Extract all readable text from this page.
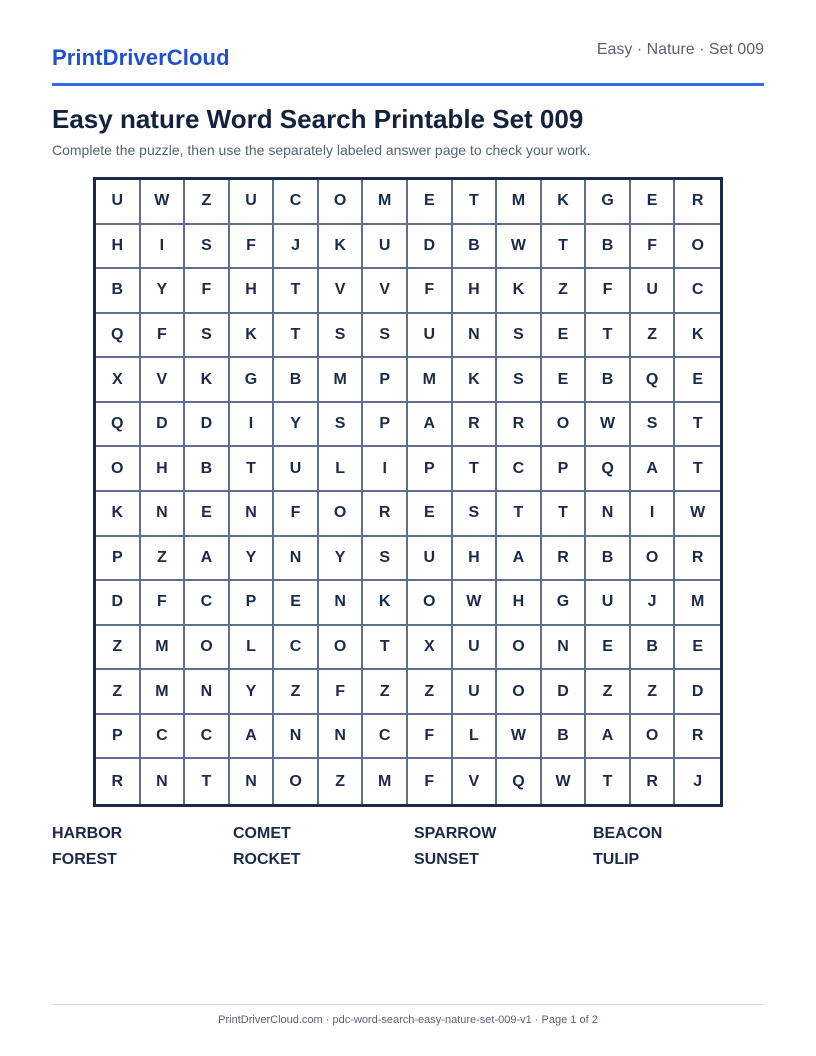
PrintDriverCloud	Easy · Nature · Set 009
Easy nature Word Search Printable Set 009
Complete the puzzle, then use the separately labeled answer page to check your work.
U	W	Z	U	C	O	M	E	T	M	K	G	E	R
H	I	S	F	J	K	U	D	B	W	T	B	F	O
B	Y	F	H	T	V	V	F	H	K	Z	F	U	C
Q	F	S	K	T	S	S	U	N	S	E	T	Z	K
X	V	K	G	B	M	P	M	K	S	E	B	Q	E
Q	D	D	I	Y	S	P	A	R	R	O	W	S	T
O	H	B	T	U	L	I	P	T	C	P	Q	A	T
K	N	E	N	F	O	R	E	S	T	T	N	I	W
P	Z	A	Y	N	Y	S	U	H	A	R	B	O	R
D	F	C	P	E	N	K	O	W	H	G	U	J	M
Z	M	O	L	C	O	T	X	U	O	N	E	B	E
Z	M	N	Y	Z	F	Z	Z	U	O	D	Z	Z	D
P	C	C	A	N	N	C	F	L	W	B	A	O	R
R	N	T	N	O	Z	M	F	V	Q	W	T	R	J
HARBOR	COMET	SPARROW	BEACON
FOREST	ROCKET	SUNSET	TULIP
PrintDriverCloud.com · pdc-word-search-easy-nature-set-009-v1 · Page 1 of 2
